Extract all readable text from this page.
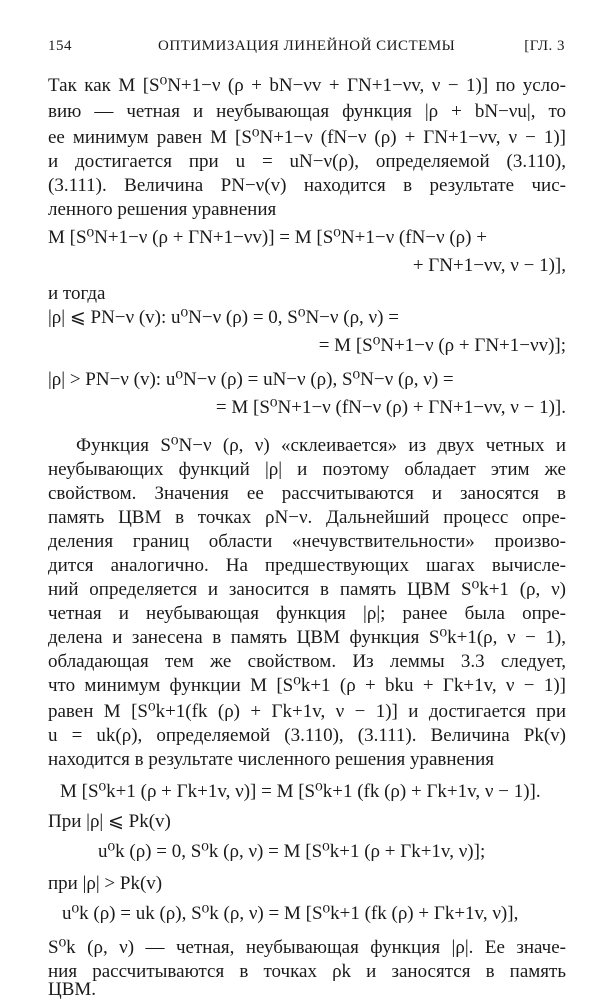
154	ОПТИМИЗАЦИЯ ЛИНЕЙНОЙ СИСТЕМЫ	[ГЛ. 3
Так как M [S⁰N+1−ν (ρ + bN−νv + ΓN+1−νv, ν − 1)] по усло-
вию — четная и неубывающая функция |ρ + bN−νu|, то
ее минимум равен M [S⁰N+1−ν (fN−ν (ρ) + ΓN+1−νv, ν − 1)]
и достигается при u = uN−ν(ρ), определяемой (3.110),
(3.111). Величина PN−ν(v) находится в результате чис-
ленного решения уравнения
M [S⁰N+1−ν (ρ + ΓN+1−νv)] = M [S⁰N+1−ν (fN−ν (ρ) +
+ ΓN+1−νv, ν − 1)],
и тогда
|ρ| ⩽ PN−ν (v): u⁰N−ν (ρ) = 0, S⁰N−ν (ρ, ν) =
= M [S⁰N+1−ν (ρ + ΓN+1−νv)];
|ρ| > PN−ν (v): u⁰N−ν (ρ) = uN−ν (ρ), S⁰N−ν (ρ, ν) =
= M [S⁰N+1−ν (fN−ν (ρ) + ΓN+1−νv, ν − 1)].
Функция S⁰N−ν (ρ, ν) «склеивается» из двух четных и
неубывающих функций |ρ| и поэтому обладает этим же
свойством. Значения ее рассчитываются и заносятся в
память ЦВМ в точках ρN−ν. Дальнейший процесс опре-
деления границ области «нечувствительности» произво-
дится аналогично. На предшествующих шагах вычисле-
ний определяется и заносится в память ЦВМ S⁰k+1 (ρ, ν)
четная и неубывающая функция |ρ|; ранее была опре-
делена и занесена в память ЦВМ функция S⁰k+1(ρ, ν − 1),
обладающая тем же свойством. Из леммы 3.3 следует,
что минимум функции M [S⁰k+1 (ρ + bku + Γk+1v, ν − 1)]
равен M [S⁰k+1(fk (ρ) + Γk+1v, ν − 1)] и достигается при
u = uk(ρ), определяемой (3.110), (3.111). Величина Pk(v)
находится в результате численного решения уравнения
M [S⁰k+1 (ρ + Γk+1v, ν)] = M [S⁰k+1 (fk (ρ) + Γk+1v, ν − 1)].
При |ρ| ⩽ Pk(v)
u⁰k (ρ) = 0, S⁰k (ρ, ν) = M [S⁰k+1 (ρ + Γk+1v, ν)];
при |ρ| > Pk(v)
u⁰k (ρ) = uk (ρ), S⁰k (ρ, ν) = M [S⁰k+1 (fk (ρ) + Γk+1v, ν)],
S⁰k (ρ, ν) — четная, неубывающая функция |ρ|. Ее значе-
ния рассчитываются в точках ρk и заносятся в память
ЦВМ.
